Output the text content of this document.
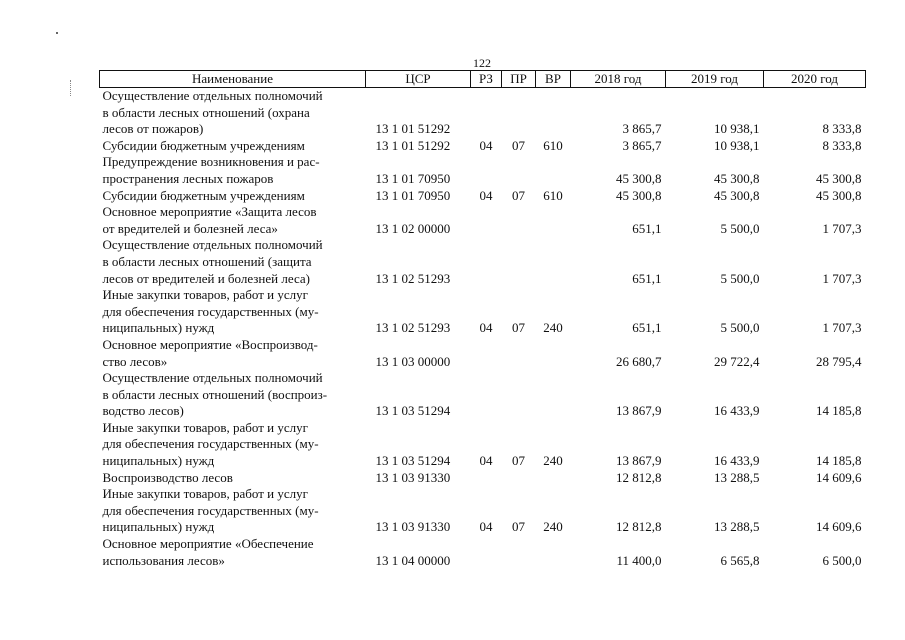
122
Наименование	ЦСР	РЗ	ПР	ВР	2018 год	2019 год	2020 год

Осуществление отдельных полномочий
в области лесных отношений (охрана
лесов от пожаров)	13 1 01 51292				3 865,7	10 938,1	8 333,8

Субсидии бюджетным учреждениям	13 1 01 51292	04	07	610	3 865,7	10 938,1	8 333,8

Предупреждение возникновения и рас-
пространения лесных пожаров	13 1 01 70950				45 300,8	45 300,8	45 300,8

Субсидии бюджетным учреждениям	13 1 01 70950	04	07	610	45 300,8	45 300,8	45 300,8

Основное мероприятие «Защита лесов
от вредителей и болезней леса»	13 1 02 00000				651,1	5 500,0	1 707,3

Осуществление отдельных полномочий
в области лесных отношений (защита
лесов от вредителей и болезней леса)	13 1 02 51293				651,1	5 500,0	1 707,3

Иные закупки товаров, работ и услуг
для обеспечения государственных (му-
ниципальных) нужд	13 1 02 51293	04	07	240	651,1	5 500,0	1 707,3

Основное мероприятие «Воспроизвод-
ство лесов»	13 1 03 00000				26 680,7	29 722,4	28 795,4

Осуществление отдельных полномочий
в области лесных отношений (воспроиз-
водство лесов)	13 1 03 51294				13 867,9	16 433,9	14 185,8

Иные закупки товаров, работ и услуг
для обеспечения государственных (му-
ниципальных) нужд	13 1 03 51294	04	07	240	13 867,9	16 433,9	14 185,8

Воспроизводство лесов	13 1 03 91330				12 812,8	13 288,5	14 609,6

Иные закупки товаров, работ и услуг
для обеспечения государственных (му-
ниципальных) нужд	13 1 03 91330	04	07	240	12 812,8	13 288,5	14 609,6

Основное мероприятие «Обеспечение
использования лесов»	13 1 04 00000				11 400,0	6 565,8	6 500,0
